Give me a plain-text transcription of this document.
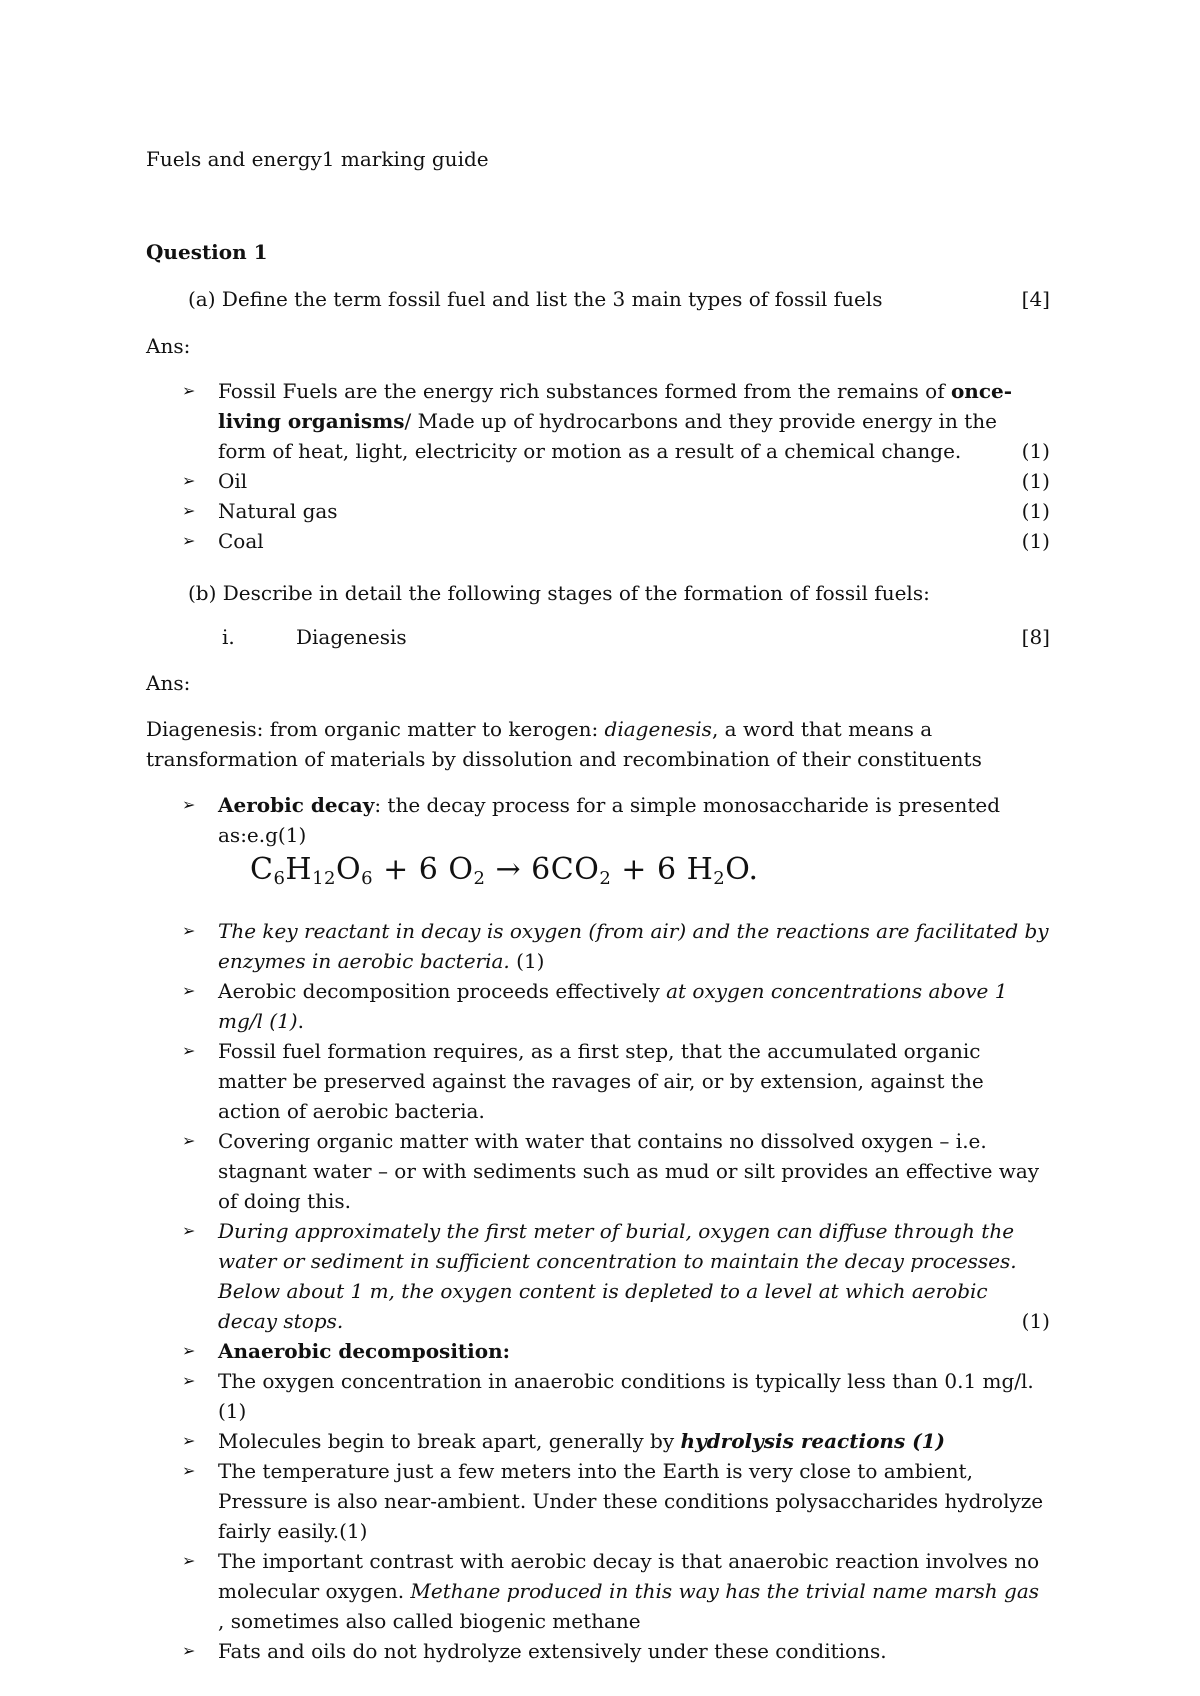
Fuels and energy1 marking guide
Question 1
(a) Define the term fossil fuel and list the 3 main types of fossil fuels	[4]
Ans:
➢ Fossil Fuels are the energy rich substances formed from the remains of once-living organisms/ Made up of hydrocarbons and they provide energy in the form of heat, light, electricity or motion as a result of a chemical change.	(1)
➢ Oil	(1)
➢ Natural gas	(1)
➢ Coal	(1)
(b) Describe in detail the following stages of the formation of fossil fuels:
i.	Diagenesis	[8]
Ans:
Diagenesis: from organic matter to kerogen: diagenesis, a word that means a transformation of materials by dissolution and recombination of their constituents
➢ Aerobic decay: the decay process for a simple monosaccharide is presented as:e.g(1)
$C_6H_{12}O_6 + 6$ $O_2 \to 6CO_2 + 6$ $H_2O$.
➢ The key reactant in decay is oxygen (from air) and the reactions are facilitated by enzymes in aerobic bacteria. (1)
➢ Aerobic decomposition proceeds effectively at oxygen concentrations above 1 mg/l (1).
➢ Fossil fuel formation requires, as a first step, that the accumulated organic matter be preserved against the ravages of air, or by extension, against the action of aerobic bacteria.
➢ Covering organic matter with water that contains no dissolved oxygen – i.e. stagnant water – or with sediments such as mud or silt provides an effective way of doing this.
➢ During approximately the first meter of burial, oxygen can diffuse through the water or sediment in sufficient concentration to maintain the decay processes. Below about 1 m, the oxygen content is depleted to a level at which aerobic decay stops.	(1)
➢ Anaerobic decomposition:
➢ The oxygen concentration in anaerobic conditions is typically less than 0.1 mg/l.(1)
➢ Molecules begin to break apart, generally by hydrolysis reactions (1)
➢ The temperature just a few meters into the Earth is very close to ambient, Pressure is also near-ambient. Under these conditions polysaccharides hydrolyze fairly easily.(1)
➢ The important contrast with aerobic decay is that anaerobic reaction involves no molecular oxygen. Methane produced in this way has the trivial name marsh gas , sometimes also called biogenic methane
➢ Fats and oils do not hydrolyze extensively under these conditions.
